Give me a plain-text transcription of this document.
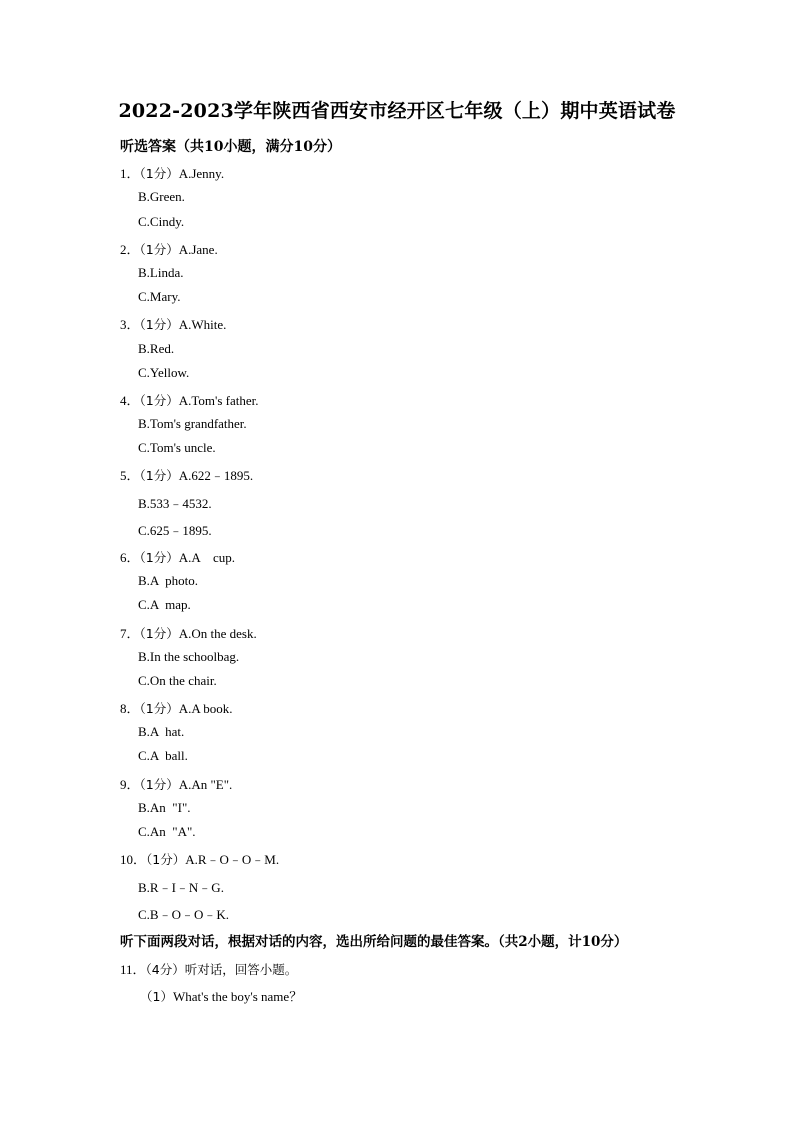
2022-2023学年陕西省西安市经开区七年级（上）期中英语试卷
听选答案（共10小题，满分10分）
1．（1分）A.Jenny.
B.Green.
C.Cindy.
2．（1分）A.Jane.
B.Linda.
C.Mary.
3．（1分）A.White.
B.Red.
C.Yellow.
4．（1分）A.Tom's father.
B.Tom's grandfather.
C.Tom's uncle.
5．（1分）A.622﹣1895.
B.533﹣4532.
C.625﹣1895.
6．（1分）A.A    cup.
B.A  photo.
C.A  map.
7．（1分）A.On the desk.
B.In the schoolbag.
C.On the chair.
8．（1分）A.A book.
B.A  hat.
C.A  ball.
9．（1分）A.An "E".
B.An  "I".
C.An  "A".
10．（1分）A.R﹣O﹣O﹣M.
B.R﹣I﹣N﹣G.
C.B﹣O﹣O﹣K.
听下面两段对话，根据对话的内容，选出所给问题的最佳答案。（共2小题，计10分）
11．（4分）听对话，回答小题。
（1）What's the boy's name？
